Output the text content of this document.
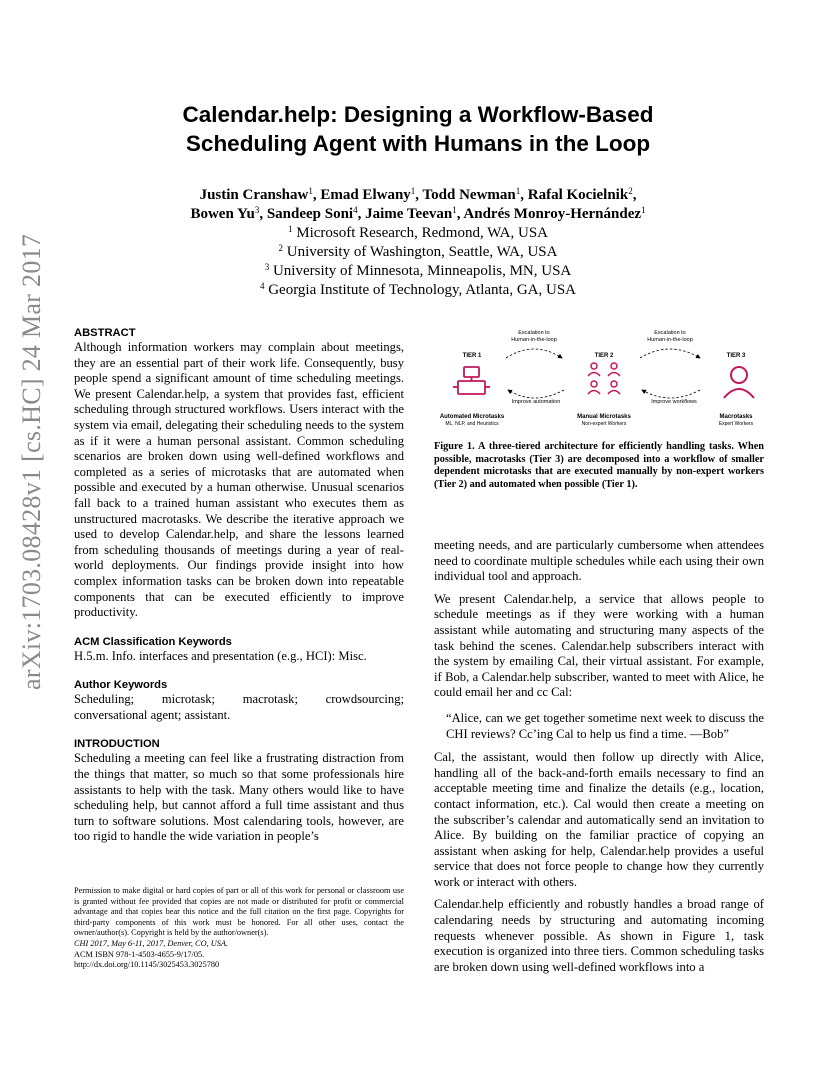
arXiv:1703.08428v1 [cs.HC] 24 Mar 2017
Calendar.help: Designing a Workflow-Based
Scheduling Agent with Humans in the Loop
Justin Cranshaw$^1$, Emad Elwany$^1$, Todd Newman$^1$, Rafal Kocielnik$^2$,
Bowen Yu$^3$, Sandeep Soni$^4$, Jaime Teevan$^1$, Andrés Monroy-Hernández$^1$
$^1$ Microsoft Research, Redmond, WA, USA
$^2$ University of Washington, Seattle, WA, USA
$^3$ University of Minnesota, Minneapolis, MN, USA
$^4$ Georgia Institute of Technology, Atlanta, GA, USA
ABSTRACT

Although information workers may complain about meetings, they are an essential part of their work life. Consequently, busy people spend a significant amount of time scheduling meetings. We present Calendar.help, a system that provides fast, efficient scheduling through structured workflows. Users interact with the system via email, delegating their scheduling needs to the system as if it were a human personal assistant. Common scheduling scenarios are broken down using well-defined workflows and completed as a series of microtasks that are automated when possible and executed by a human otherwise. Unusual scenarios fall back to a trained human assistant who executes them as unstructured macrotasks. We describe the iterative approach we used to develop Calendar.help, and share the lessons learned from scheduling thousands of meetings during a year of real-world deployments. Our findings provide insight into how complex information tasks can be broken down into repeatable components that can be executed efficiently to improve productivity.

ACM Classification Keywords

H.5.m. Info. interfaces and presentation (e.g., HCI): Misc.

Author Keywords

Scheduling; microtask; macrotask; crowdsourcing; conversational agent; assistant.

INTRODUCTION

Scheduling a meeting can feel like a frustrating distraction from the things that matter, so much so that some professionals hire assistants to help with the task. Many others would like to have scheduling help, but cannot afford a full time assistant and thus turn to software solutions. Most calendaring tools, however, are too rigid to handle the wide variation in people’s

Permission to make digital or hard copies of part or all of this work for personal or classroom use is granted without fee provided that copies are not made or distributed for profit or commercial advantage and that copies bear this notice and the full citation on the first page. Copyrights for third-party components of this work must be honored. For all other uses, contact the owner/author(s). Copyright is held by the author/owner(s).

CHI 2017, May 6-11, 2017, Denver, CO, USA.
ACM ISBN 978-1-4503-4655-9/17/05.
http://dx.doi.org/10.1145/3025453.3025780
Escalation to
Human-in-the-loop
Escalation to
Human-in-the-loop
TIER 1	TIER 2	TIER 3
Improve automation	Improve workflows
Automated Microtasks
ML, NLP, and Heuristics
Manual Microtasks
Non-expert Workers
Macrotasks
Expert Workers
Figure 1. A three-tiered architecture for efficiently handling tasks. When possible, macrotasks (Tier 3) are decomposed into a workflow of smaller dependent microtasks that are executed manually by non-expert workers (Tier 2) and automated when possible (Tier 1).

meeting needs, and are particularly cumbersome when attendees need to coordinate multiple schedules while each using their own individual tool and approach.

We present Calendar.help, a service that allows people to schedule meetings as if they were working with a human assistant while automating and structuring many aspects of the task behind the scenes. Calendar.help subscribers interact with the system by emailing Cal, their virtual assistant. For example, if Bob, a Calendar.help subscriber, wanted to meet with Alice, he could email her and cc Cal:

“Alice, can we get together sometime next week to discuss the CHI reviews? Cc’ing Cal to help us find a time. —Bob”

Cal, the assistant, would then follow up directly with Alice, handling all of the back-and-forth emails necessary to find an acceptable meeting time and finalize the details (e.g., location, contact information, etc.). Cal would then create a meeting on the subscriber’s calendar and automatically send an invitation to Alice. By building on the familiar practice of copying an assistant when asking for help, Calendar.help provides a useful service that does not force people to change how they currently work or interact with others.

Calendar.help efficiently and robustly handles a broad range of calendaring needs by structuring and automating incoming requests whenever possible. As shown in Figure 1, task execution is organized into three tiers. Common scheduling tasks are broken down using well-defined workflows into a
